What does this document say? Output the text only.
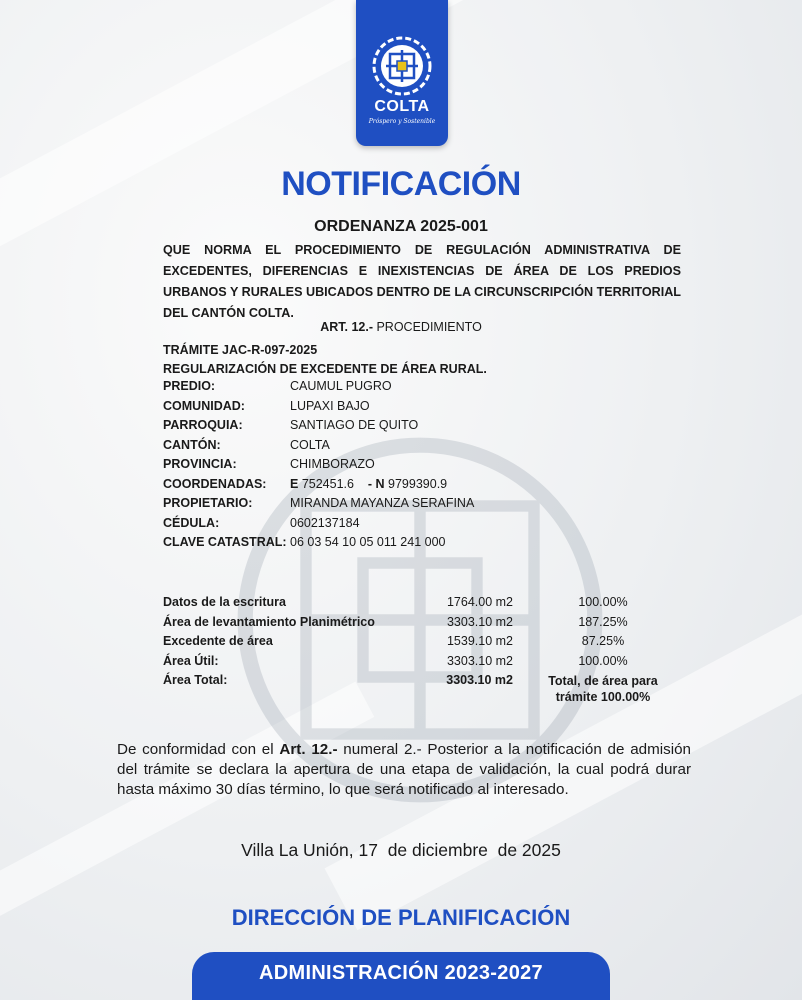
COLTA
Próspero y Sostenible
NOTIFICACIÓN
ORDENANZA 2025-001
QUE NORMA EL PROCEDIMIENTO DE REGULACIÓN ADMINISTRATIVA DE EXCEDENTES, DIFERENCIAS E INEXISTENCIAS DE ÁREA DE LOS PREDIOS URBANOS Y RURALES UBICADOS DENTRO DE LA CIRCUNSCRIPCIÓN TERRITORIAL DEL CANTÓN COLTA.
ART. 12.- PROCEDIMIENTO
TRÁMITE JAC-R-097-2025
REGULARIZACIÓN DE EXCEDENTE DE ÁREA RURAL.
PREDIO:	CAUMUL PUGRO
COMUNIDAD:	LUPAXI BAJO
PARROQUIA:	SANTIAGO DE QUITO
CANTÓN:	COLTA
PROVINCIA:	CHIMBORAZO
COORDENADAS: E 752451.6 - N 9799390.9
PROPIETARIO:	MIRANDA MAYANZA SERAFINA
CÉDULA:	0602137184
CLAVE CATASTRAL: 06 03 54 10 05 011 241 000
Datos de la escritura	1764.00 m2	100.00%
Área de levantamiento Planimétrico	3303.10 m2	187.25%
Excedente de área	1539.10 m2	87.25%
Área Útil:	3303.10 m2	100.00%
Área Total:	3303.10 m2	Total, de área para trámite 100.00%
De conformidad con el Art. 12.- numeral 2.- Posterior a la notificación de admisión del trámite se declara la apertura de una etapa de validación, la cual podrá durar hasta máximo 30 días término, lo que será notificado al interesado.
Villa La Unión, 17  de diciembre  de 2025
DIRECCIÓN DE PLANIFICACIÓN
ADMINISTRACIÓN 2023-2027
